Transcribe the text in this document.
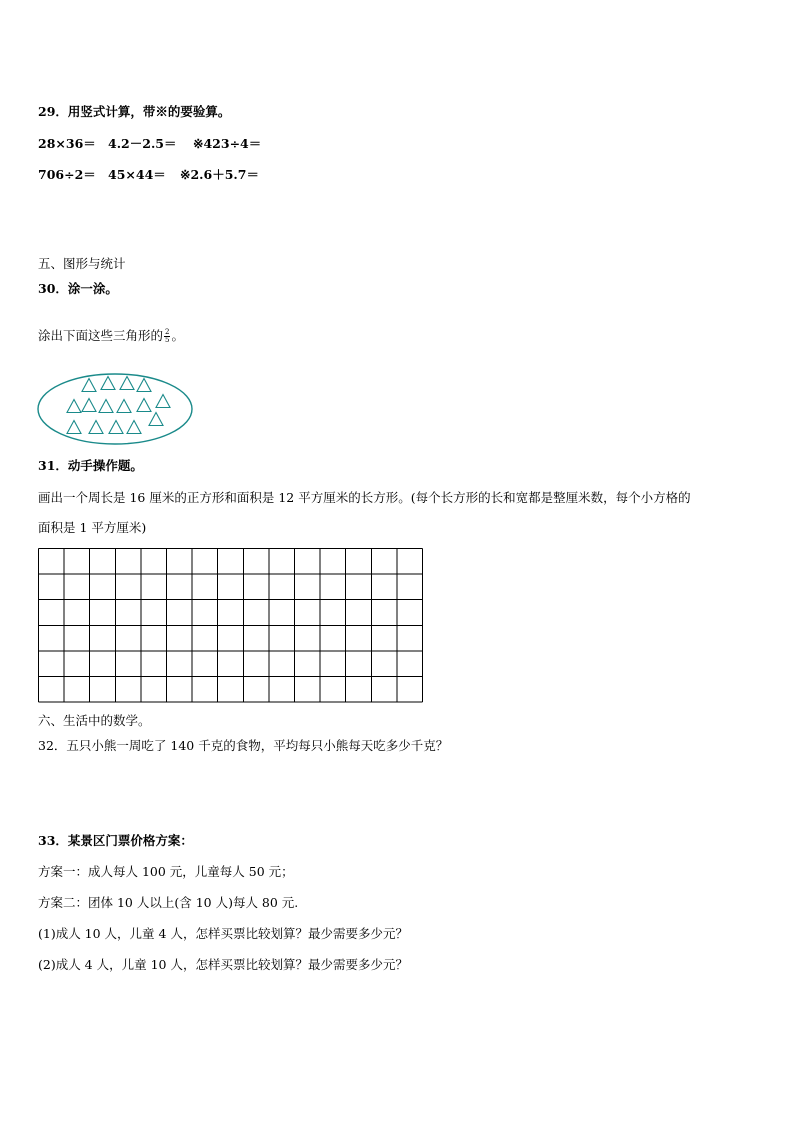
29．用竖式计算，带※的要验算。
28×36＝ 4.2－2.5＝ ※423÷4＝
706÷2＝ 45×44＝ ※2.6＋5.7＝
五、图形与统计
30．涂一涂。
涂出下面这些三角形的 $\frac{2}{5}$ 。
31．动手操作题。
画出一个周长是 16 厘米的正方形和面积是 12 平方厘米的长方形。(每个长方形的长和宽都是整厘米数，每个小方格的
面积是 1 平方厘米)
六、生活中的数学。
32．五只小熊一周吃了 140 千克的食物，平均每只小熊每天吃多少千克？
33．某景区门票价格方案：
方案一：成人每人 100 元，儿童每人 50 元；
方案二：团体 10 人以上(含 10 人)每人 80 元.
(1)成人 10 人，儿童 4 人，怎样买票比较划算？最少需要多少元？
(2)成人 4 人，儿童 10 人，怎样买票比较划算？最少需要多少元？
